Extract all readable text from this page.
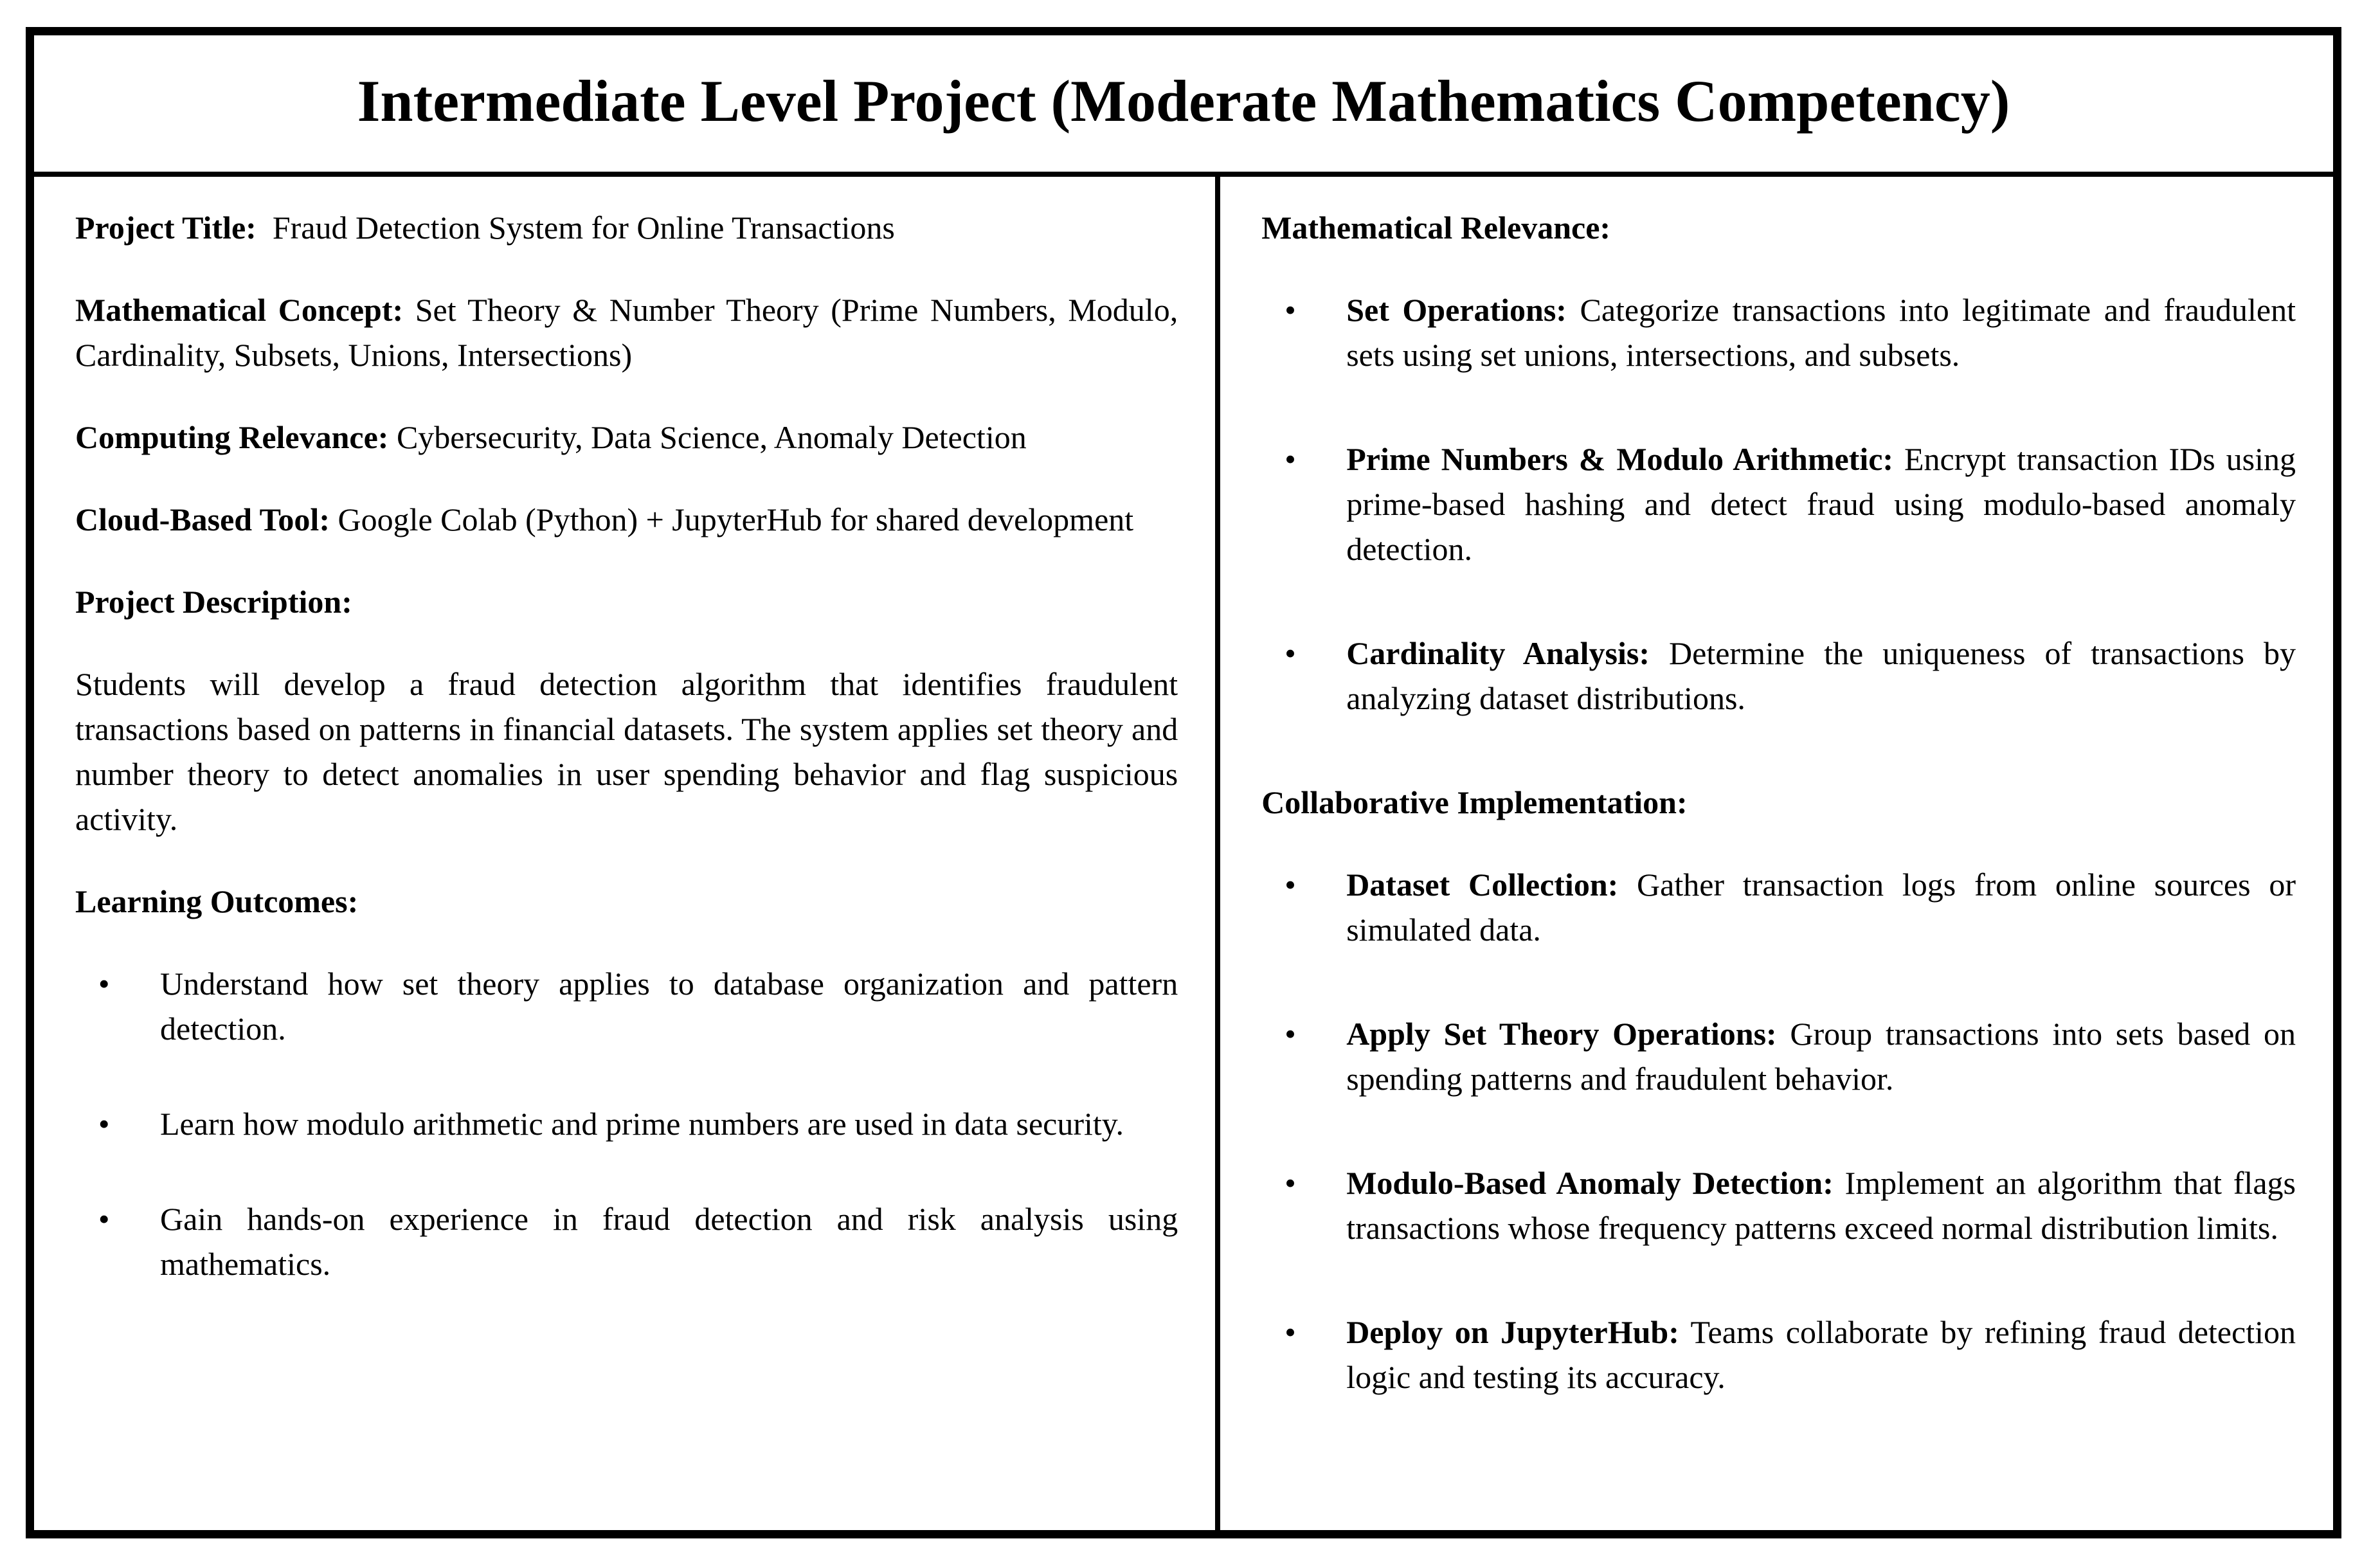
Intermediate Level Project (Moderate Mathematics Competency)

Project Title:  Fraud Detection System for Online Transactions

Mathematical Concept: Set Theory & Number Theory (Prime Numbers, Modulo, Cardinality, Subsets, Unions, Intersections)

Computing Relevance: Cybersecurity, Data Science, Anomaly Detection

Cloud-Based Tool: Google Colab (Python) + JupyterHub for shared development

Project Description:

Students will develop a fraud detection algorithm that identifies fraudulent transactions based on patterns in financial datasets. The system applies set theory and number theory to detect anomalies in user spending behavior and flag suspicious activity.

Learning Outcomes:

•	Understand how set theory applies to database organization and pattern detection.
•	Learn how modulo arithmetic and prime numbers are used in data security.
•	Gain hands-on experience in fraud detection and risk analysis using mathematics.

Mathematical Relevance:

•	Set Operations: Categorize transactions into legitimate and fraudulent sets using set unions, intersections, and subsets.
•	Prime Numbers & Modulo Arithmetic: Encrypt transaction IDs using prime-based hashing and detect fraud using modulo-based anomaly detection.
•	Cardinality Analysis: Determine the uniqueness of transactions by analyzing dataset distributions.

Collaborative Implementation:

•	Dataset Collection: Gather transaction logs from online sources or simulated data.
•	Apply Set Theory Operations: Group transactions into sets based on spending patterns and fraudulent behavior.
•	Modulo-Based Anomaly Detection: Implement an algorithm that flags transactions whose frequency patterns exceed normal distribution limits.
•	Deploy on JupyterHub: Teams collaborate by refining fraud detection logic and testing its accuracy.
